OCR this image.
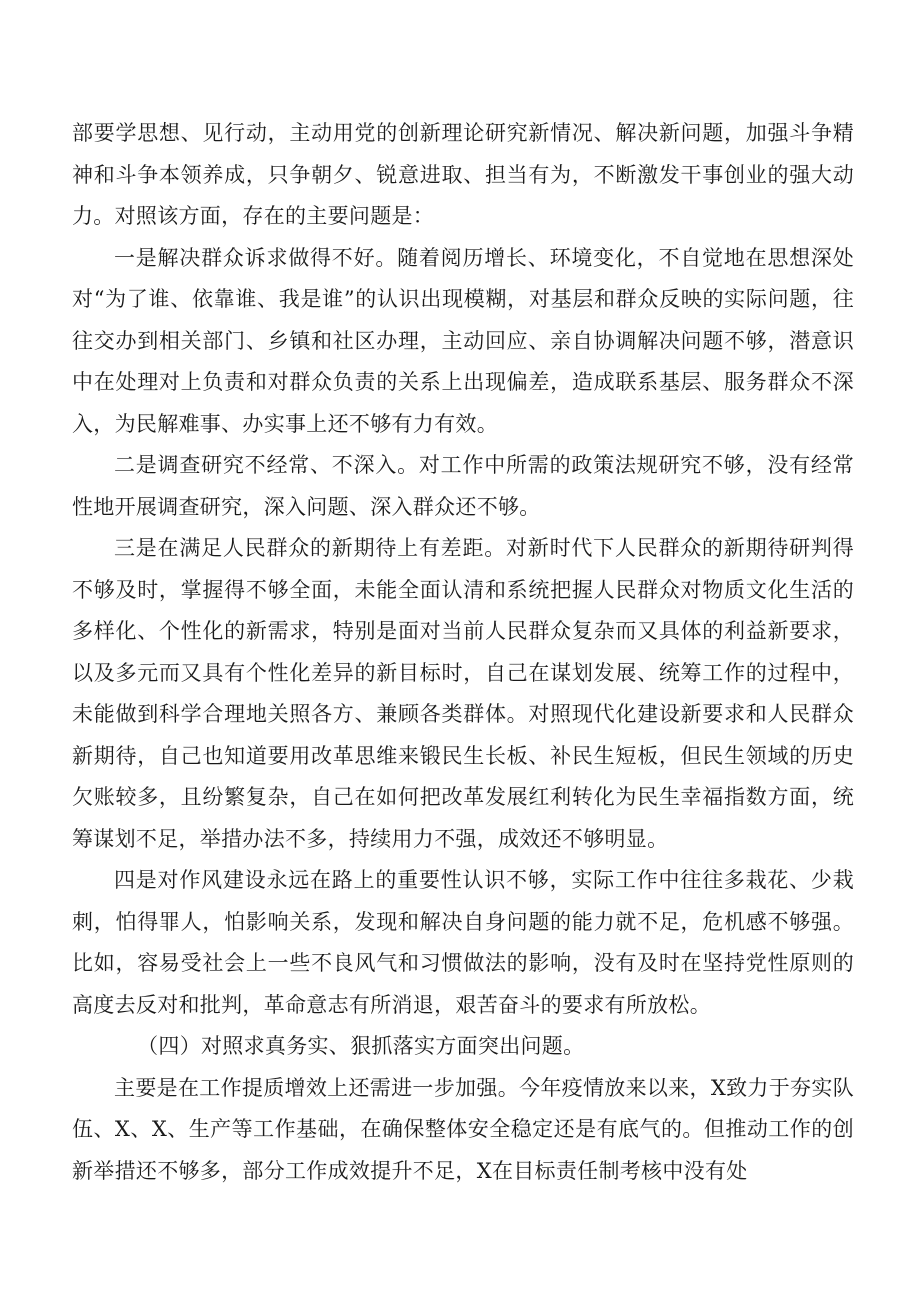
部要学思想、见行动，主动用党的创新理论研究新情况、解决新问题，加强斗争精神和斗争本领养成，只争朝夕、锐意进取、担当有为，不断激发干事创业的强大动力。对照该方面，存在的主要问题是：

一是解决群众诉求做得不好。随着阅历增长、环境变化，不自觉地在思想深处对“为了谁、依靠谁、我是谁”的认识出现模糊，对基层和群众反映的实际问题，往往交办到相关部门、乡镇和社区办理，主动回应、亲自协调解决问题不够，潜意识中在处理对上负责和对群众负责的关系上出现偏差，造成联系基层、服务群众不深入，为民解难事、办实事上还不够有力有效。

二是调查研究不经常、不深入。对工作中所需的政策法规研究不够，没有经常性地开展调查研究，深入问题、深入群众还不够。

三是在满足人民群众的新期待上有差距。对新时代下人民群众的新期待研判得不够及时，掌握得不够全面，未能全面认清和系统把握人民群众对物质文化生活的多样化、个性化的新需求，特别是面对当前人民群众复杂而又具体的利益新要求，以及多元而又具有个性化差异的新目标时，自己在谋划发展、统筹工作的过程中，未能做到科学合理地关照各方、兼顾各类群体。对照现代化建设新要求和人民群众新期待，自己也知道要用改革思维来锻民生长板、补民生短板，但民生领域的历史欠账较多，且纷繁复杂，自己在如何把改革发展红利转化为民生幸福指数方面，统筹谋划不足，举措办法不多，持续用力不强，成效还不够明显。

四是对作风建设永远在路上的重要性认识不够，实际工作中往往多栽花、少栽刺，怕得罪人，怕影响关系，发现和解决自身问题的能力就不足，危机感不够强。比如，容易受社会上一些不良风气和习惯做法的影响，没有及时在坚持党性原则的高度去反对和批判，革命意志有所消退，艰苦奋斗的要求有所放松。

（四）对照求真务实、狠抓落实方面突出问题。

主要是在工作提质增效上还需进一步加强。今年疫情放来以来，X致力于夯实队伍、X、X、生产等工作基础，在确保整体安全稳定还是有底气的。但推动工作的创新举措还不够多，部分工作成效提升不足，X在目标责任制考核中没有处
